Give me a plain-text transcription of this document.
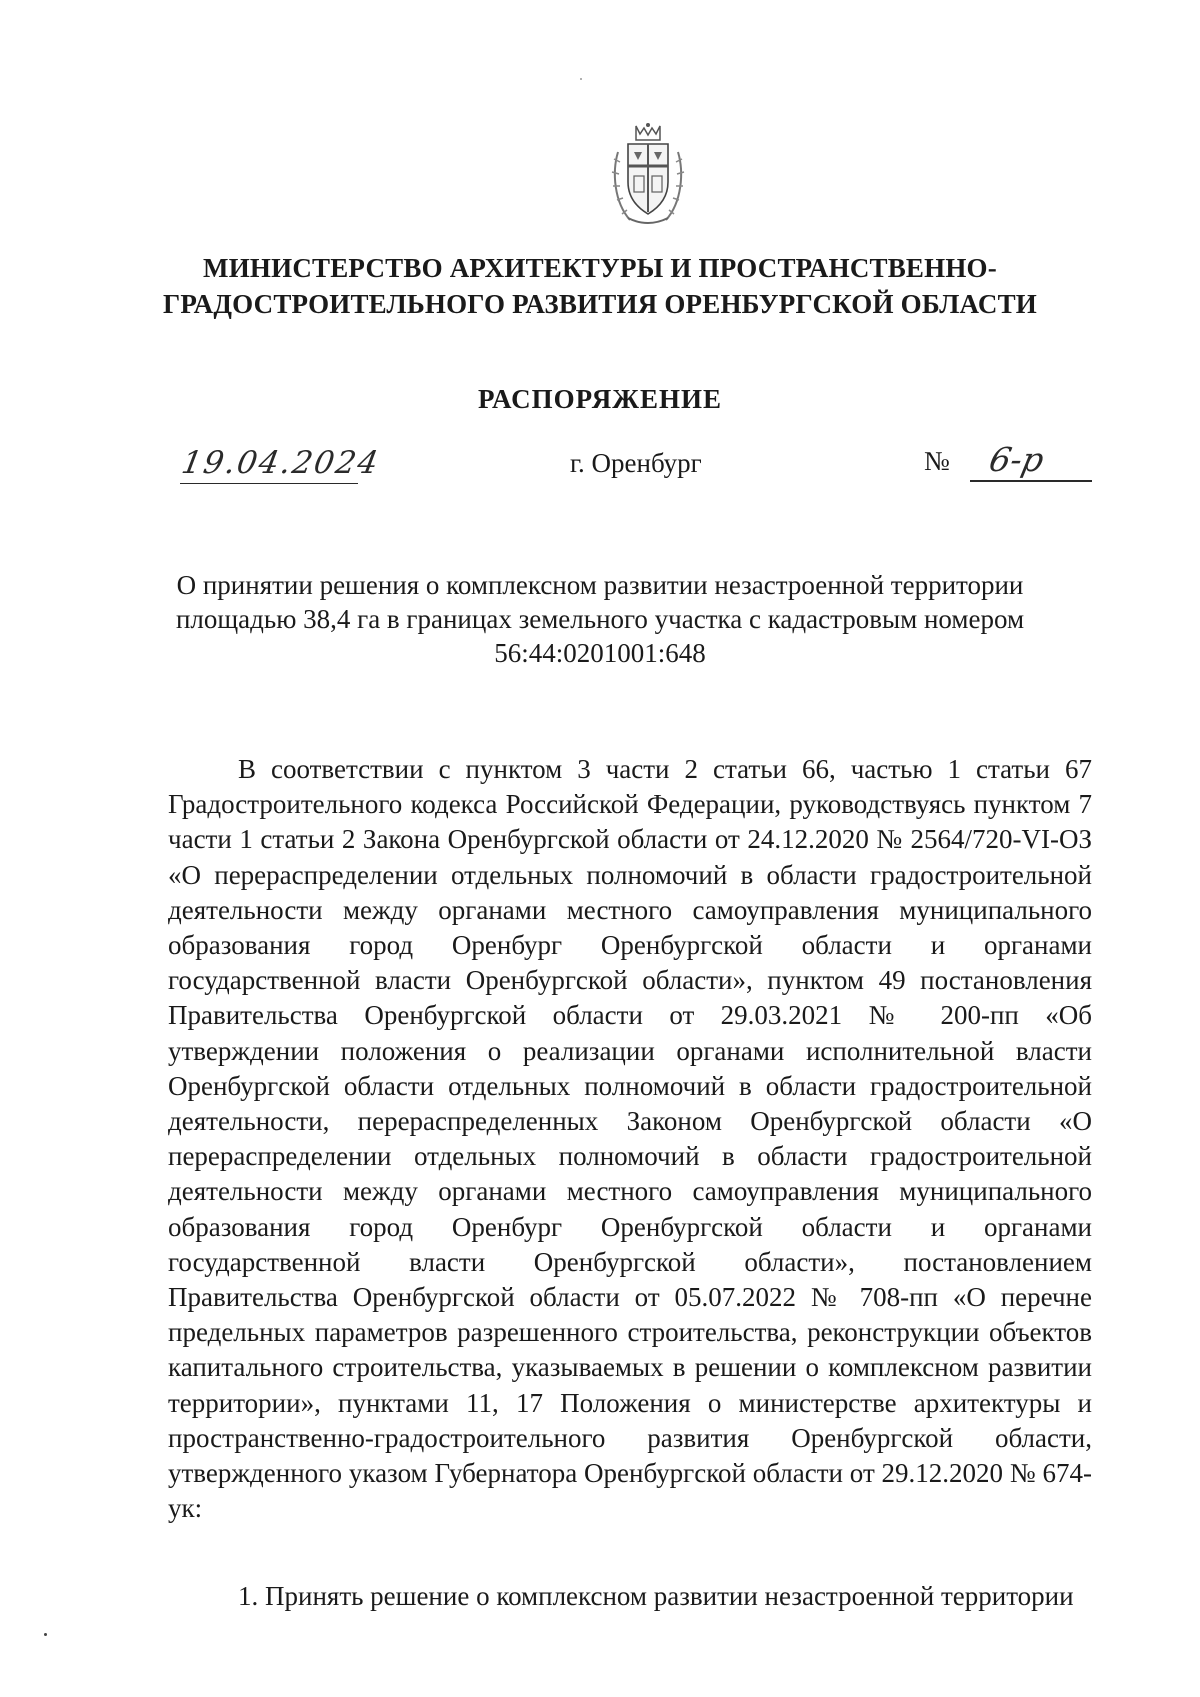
МИНИСТЕРСТВО АРХИТЕКТУРЫ И ПРОСТРАНСТВЕННО-
ГРАДОСТРОИТЕЛЬНОГО РАЗВИТИЯ ОРЕНБУРГСКОЙ ОБЛАСТИ
РАСПОРЯЖЕНИЕ
19.04.2024	г. Оренбург	№ 6-р
О принятии решения о комплексном развитии незастроенной территории
площадью 38,4 га в границах земельного участка с кадастровым номером
56:44:0201001:648

В соответствии с пунктом 3 части 2 статьи 66, частью 1 статьи 67 Градостроительного кодекса Российской Федерации, руководствуясь пунктом 7 части 1 статьи 2 Закона Оренбургской области от 24.12.2020 № 2564/720-VI-ОЗ «О перераспределении отдельных полномочий в области градостроительной деятельности между органами местного самоуправления муниципального образования город Оренбург Оренбургской области и органами государственной власти Оренбургской области», пунктом 49 постановления Правительства Оренбургской области от 29.03.2021 № 200-пп «Об утверждении положения о реализации органами исполнительной власти Оренбургской области отдельных полномочий в области градостроительной деятельности, перераспределенных Законом Оренбургской области «О перераспределении отдельных полномочий в области градостроительной деятельности между органами местного самоуправления муниципального образования город Оренбург Оренбургской области и органами государственной власти Оренбургской области», постановлением Правительства Оренбургской области от 05.07.2022 № 708-пп «О перечне предельных параметров разрешенного строительства, реконструкции объектов капитального строительства, указываемых в решении о комплексном развитии территории», пунктами 11, 17 Положения о министерстве архитектуры и пространственно-градостроительного развития Оренбургской области, утвержденного указом Губернатора Оренбургской области от 29.12.2020 № 674-ук:

1. Принять решение о комплексном развитии незастроенной территории
